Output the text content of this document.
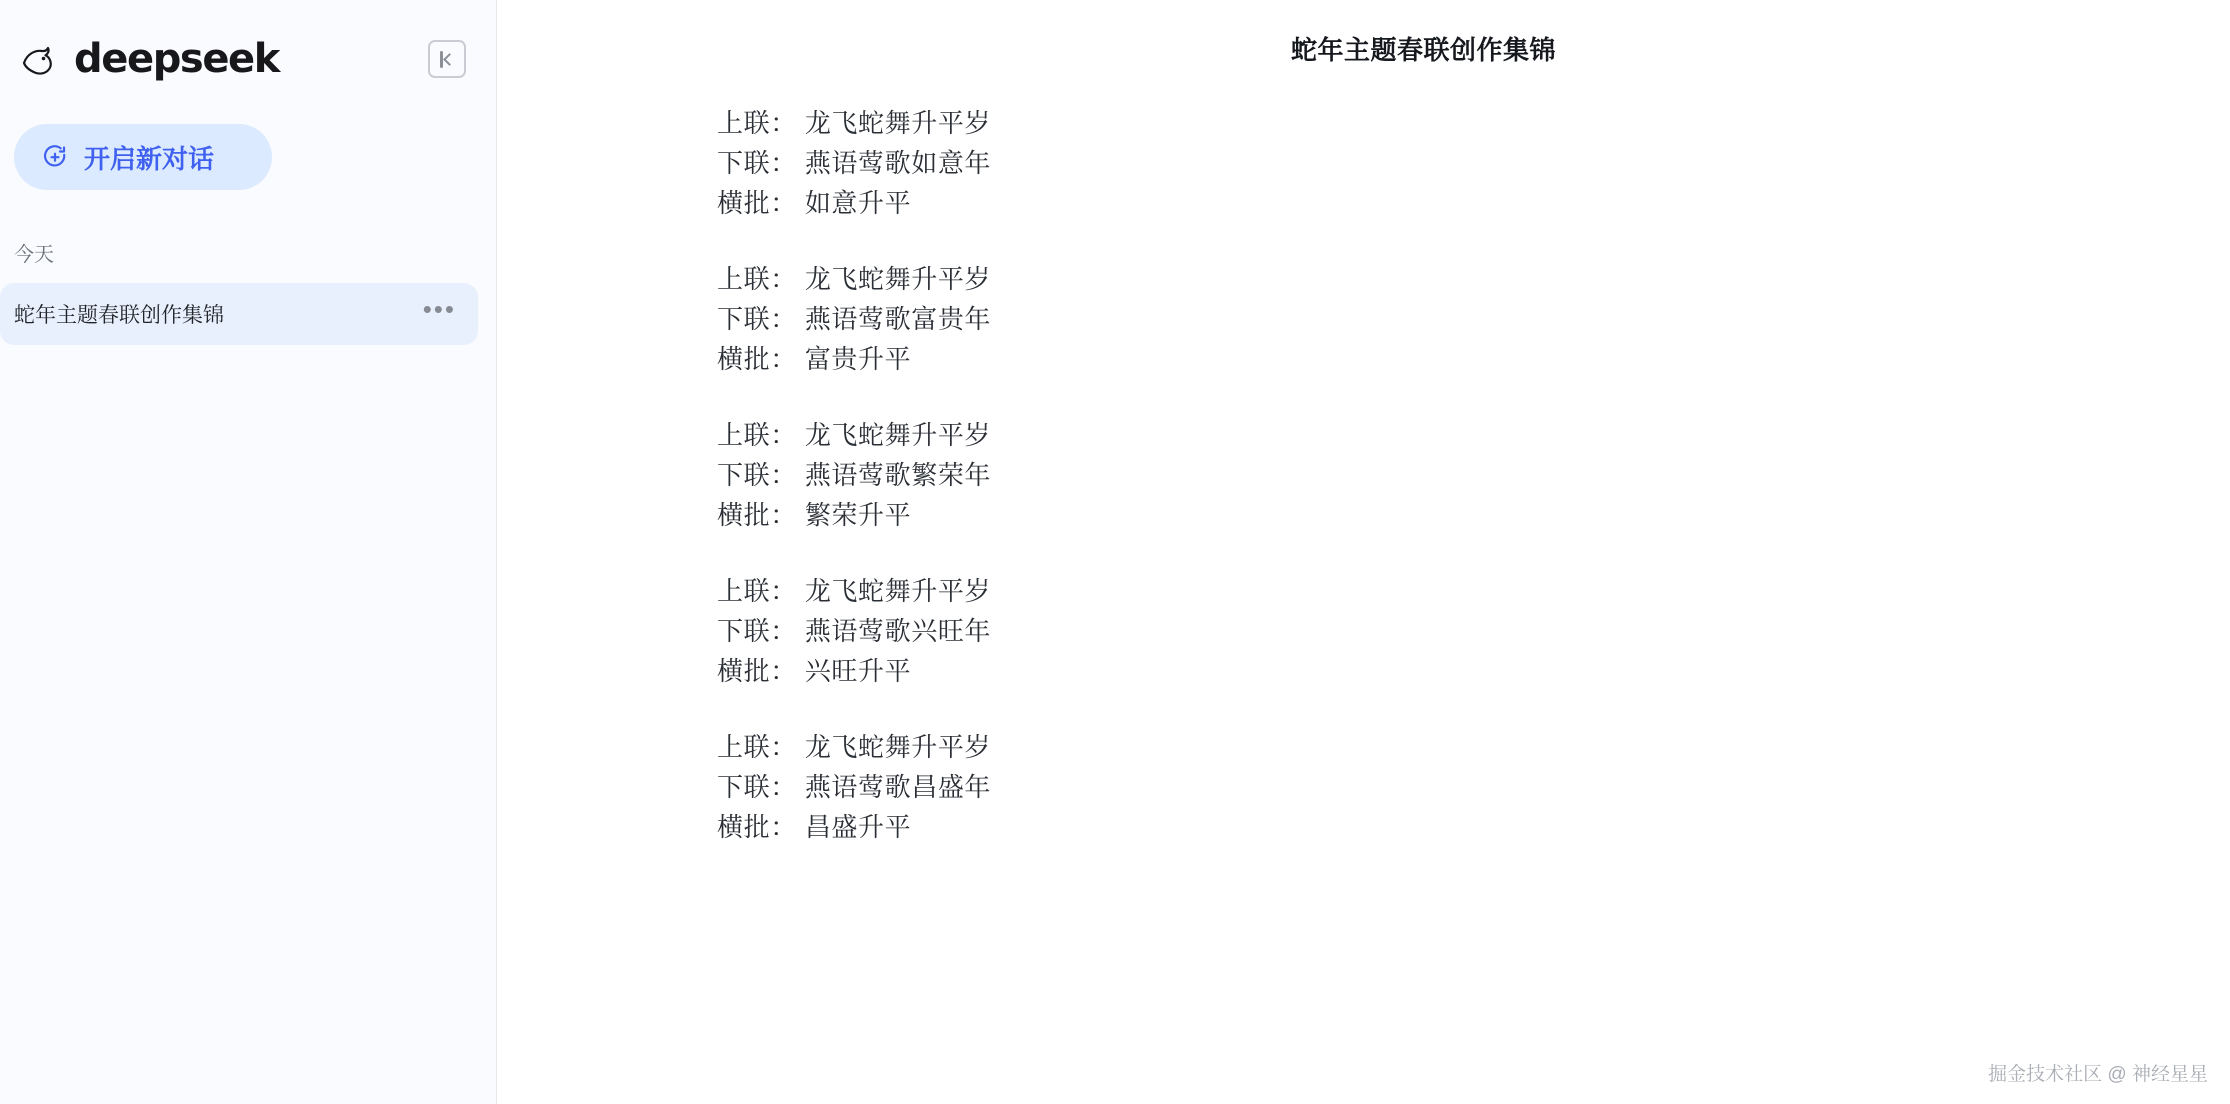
deepseek
开启新对话
今天
蛇年主题春联创作集锦	•••
蛇年主题春联创作集锦
上联： 龙飞蛇舞升平岁
下联： 燕语莺歌如意年
横批： 如意升平
上联： 龙飞蛇舞升平岁
下联： 燕语莺歌富贵年
横批： 富贵升平
上联： 龙飞蛇舞升平岁
下联： 燕语莺歌繁荣年
横批： 繁荣升平
上联： 龙飞蛇舞升平岁
下联： 燕语莺歌兴旺年
横批： 兴旺升平
上联： 龙飞蛇舞升平岁
下联： 燕语莺歌昌盛年
横批： 昌盛升平
掘金技术社区 @ 神经星星
